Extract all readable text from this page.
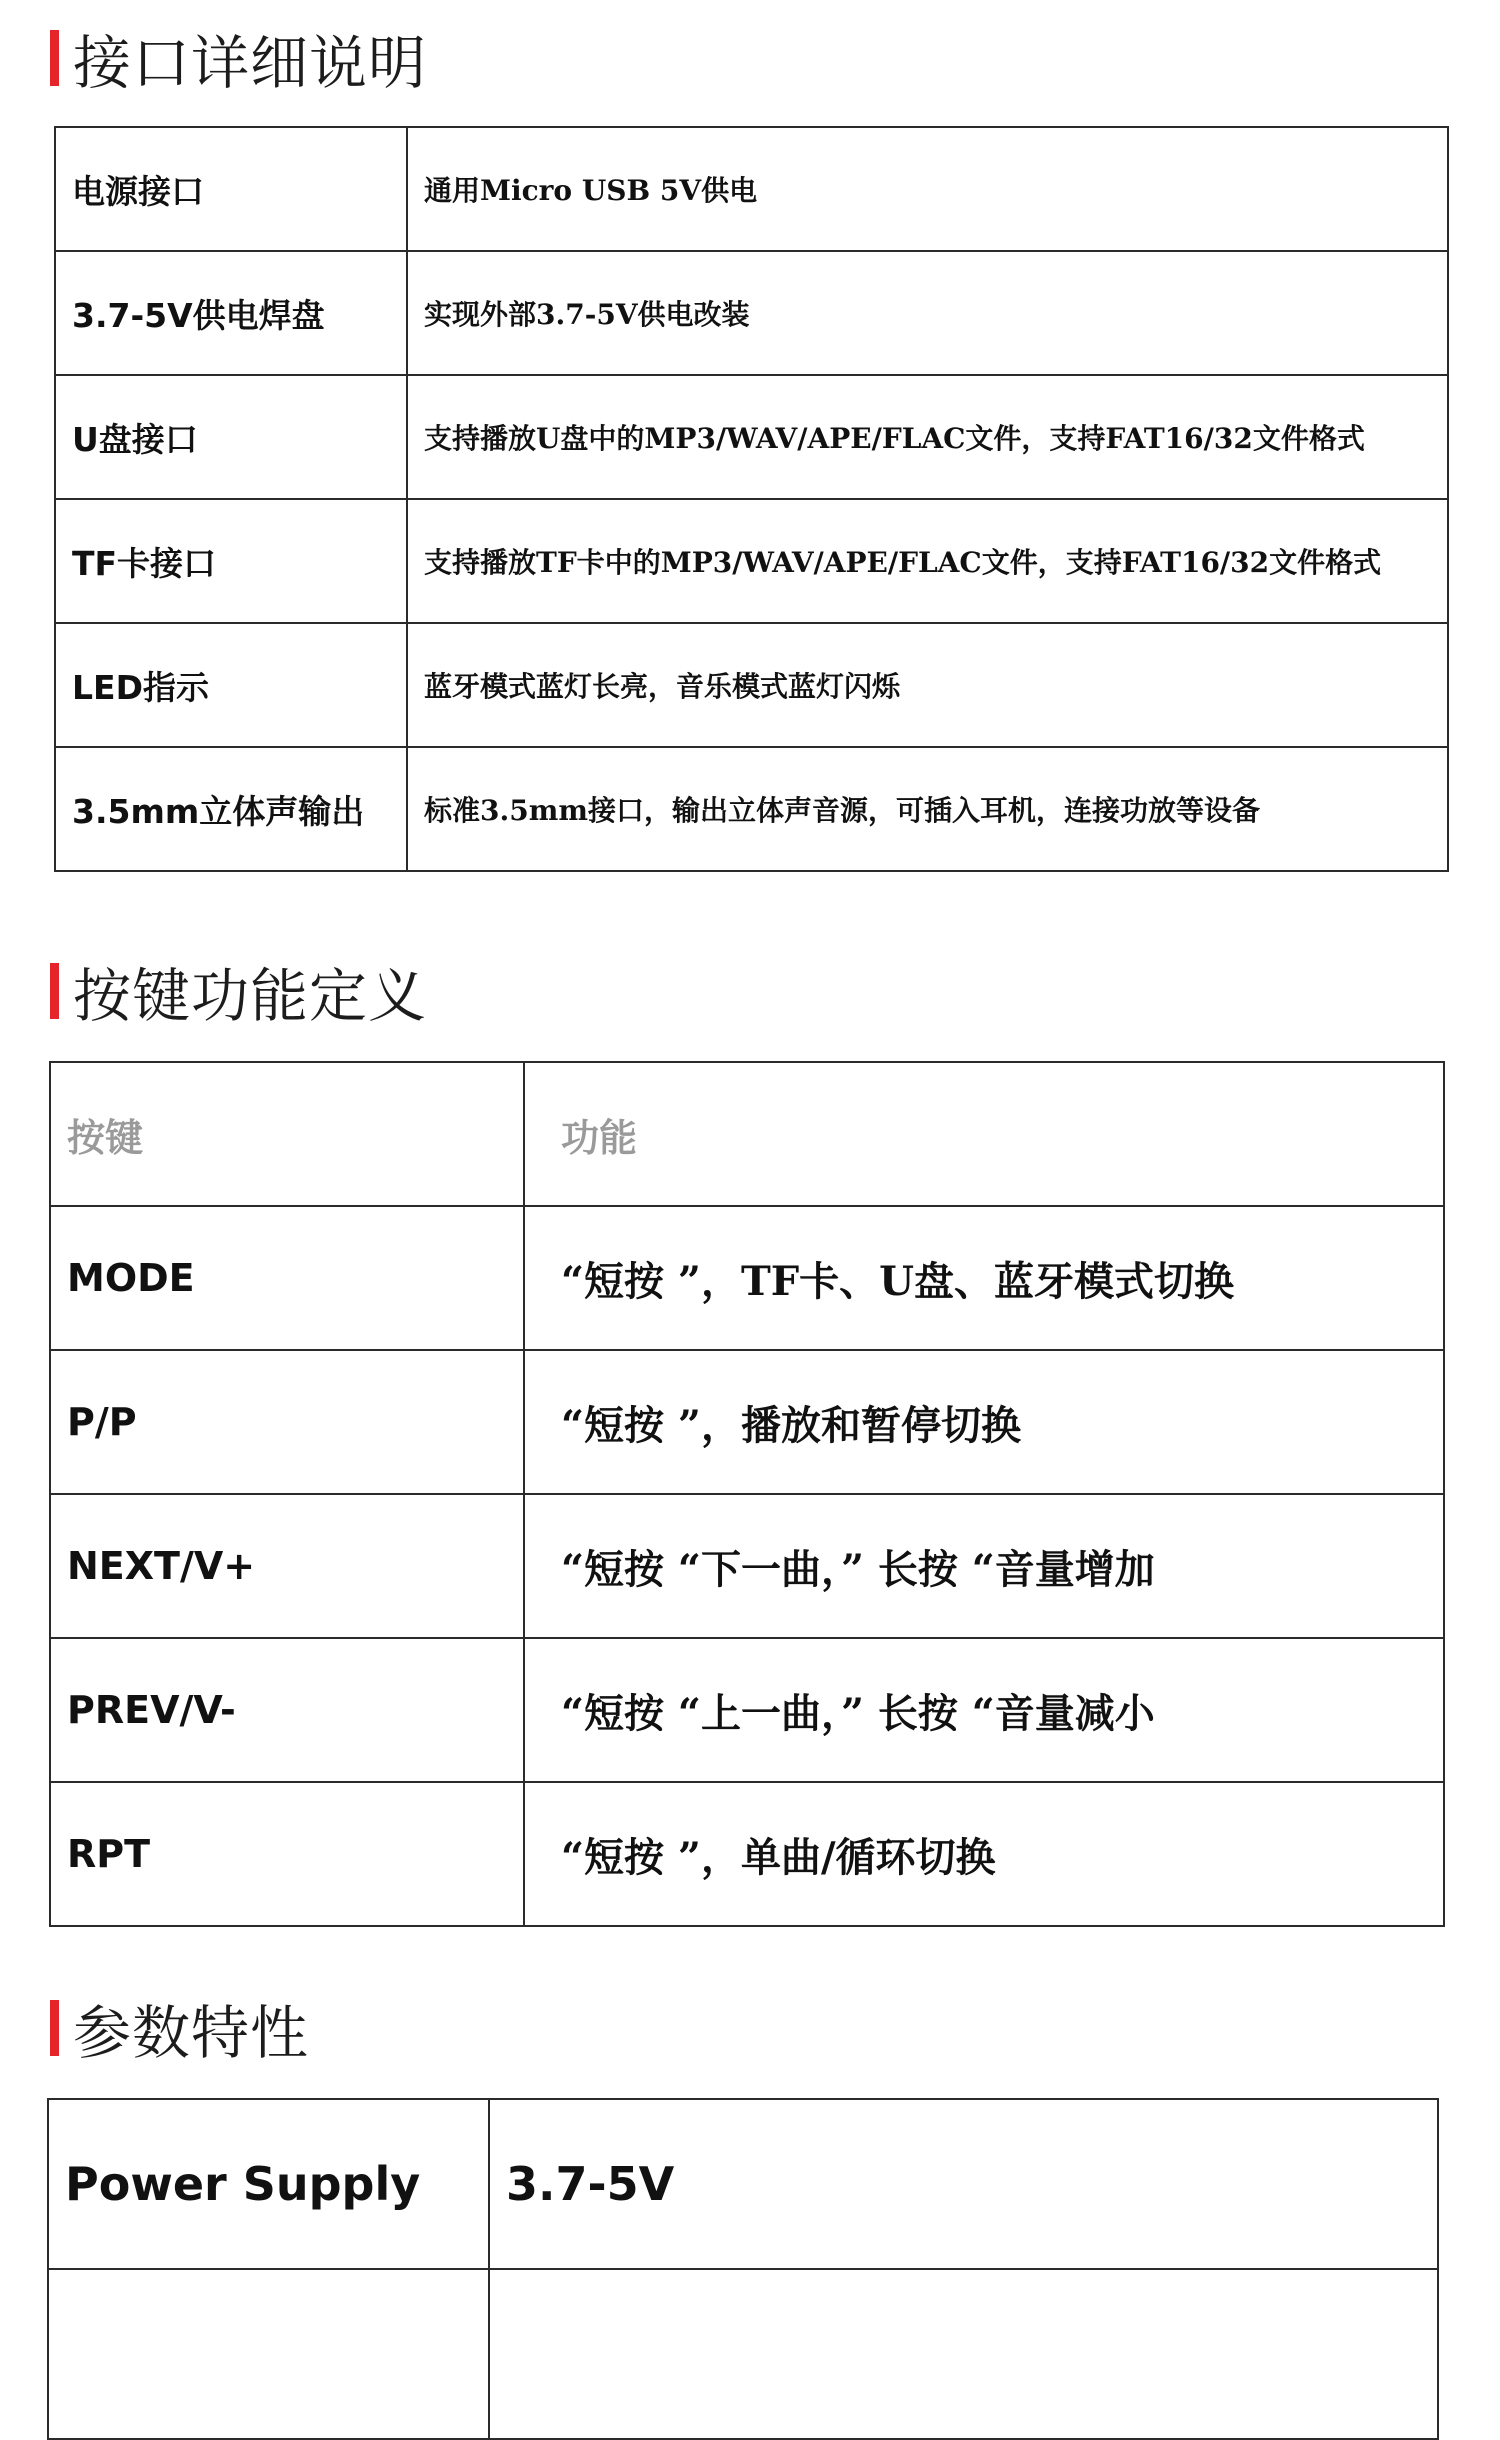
接口详细说明
电源接口	通用Micro USB 5V供电
3.7-5V供电焊盘	实现外部3.7-5V供电改装
U盘接口	支持播放U盘中的MP3/WAV/APE/FLAC文件，支持FAT16/32文件格式
TF卡接口	支持播放TF卡中的MP3/WAV/APE/FLAC文件，支持FAT16/32文件格式
LED指示	蓝牙模式蓝灯长亮，音乐模式蓝灯闪烁
3.5mm立体声输出	标准3.5mm接口，输出立体声音源，可插入耳机，连接功放等设备
按键功能定义
按键	功能
MODE	“短按 ”，TF卡、U盘、蓝牙模式切换
P/P	“短按 ”，播放和暂停切换
NEXT/V+	“短按 “下一曲，” 长按 “音量增加
PREV/V-	“短按 “上一曲，” 长按 “音量减小
RPT	“短按 ”，单曲/循环切换
参数特性
Power Supply	3.7-5V
